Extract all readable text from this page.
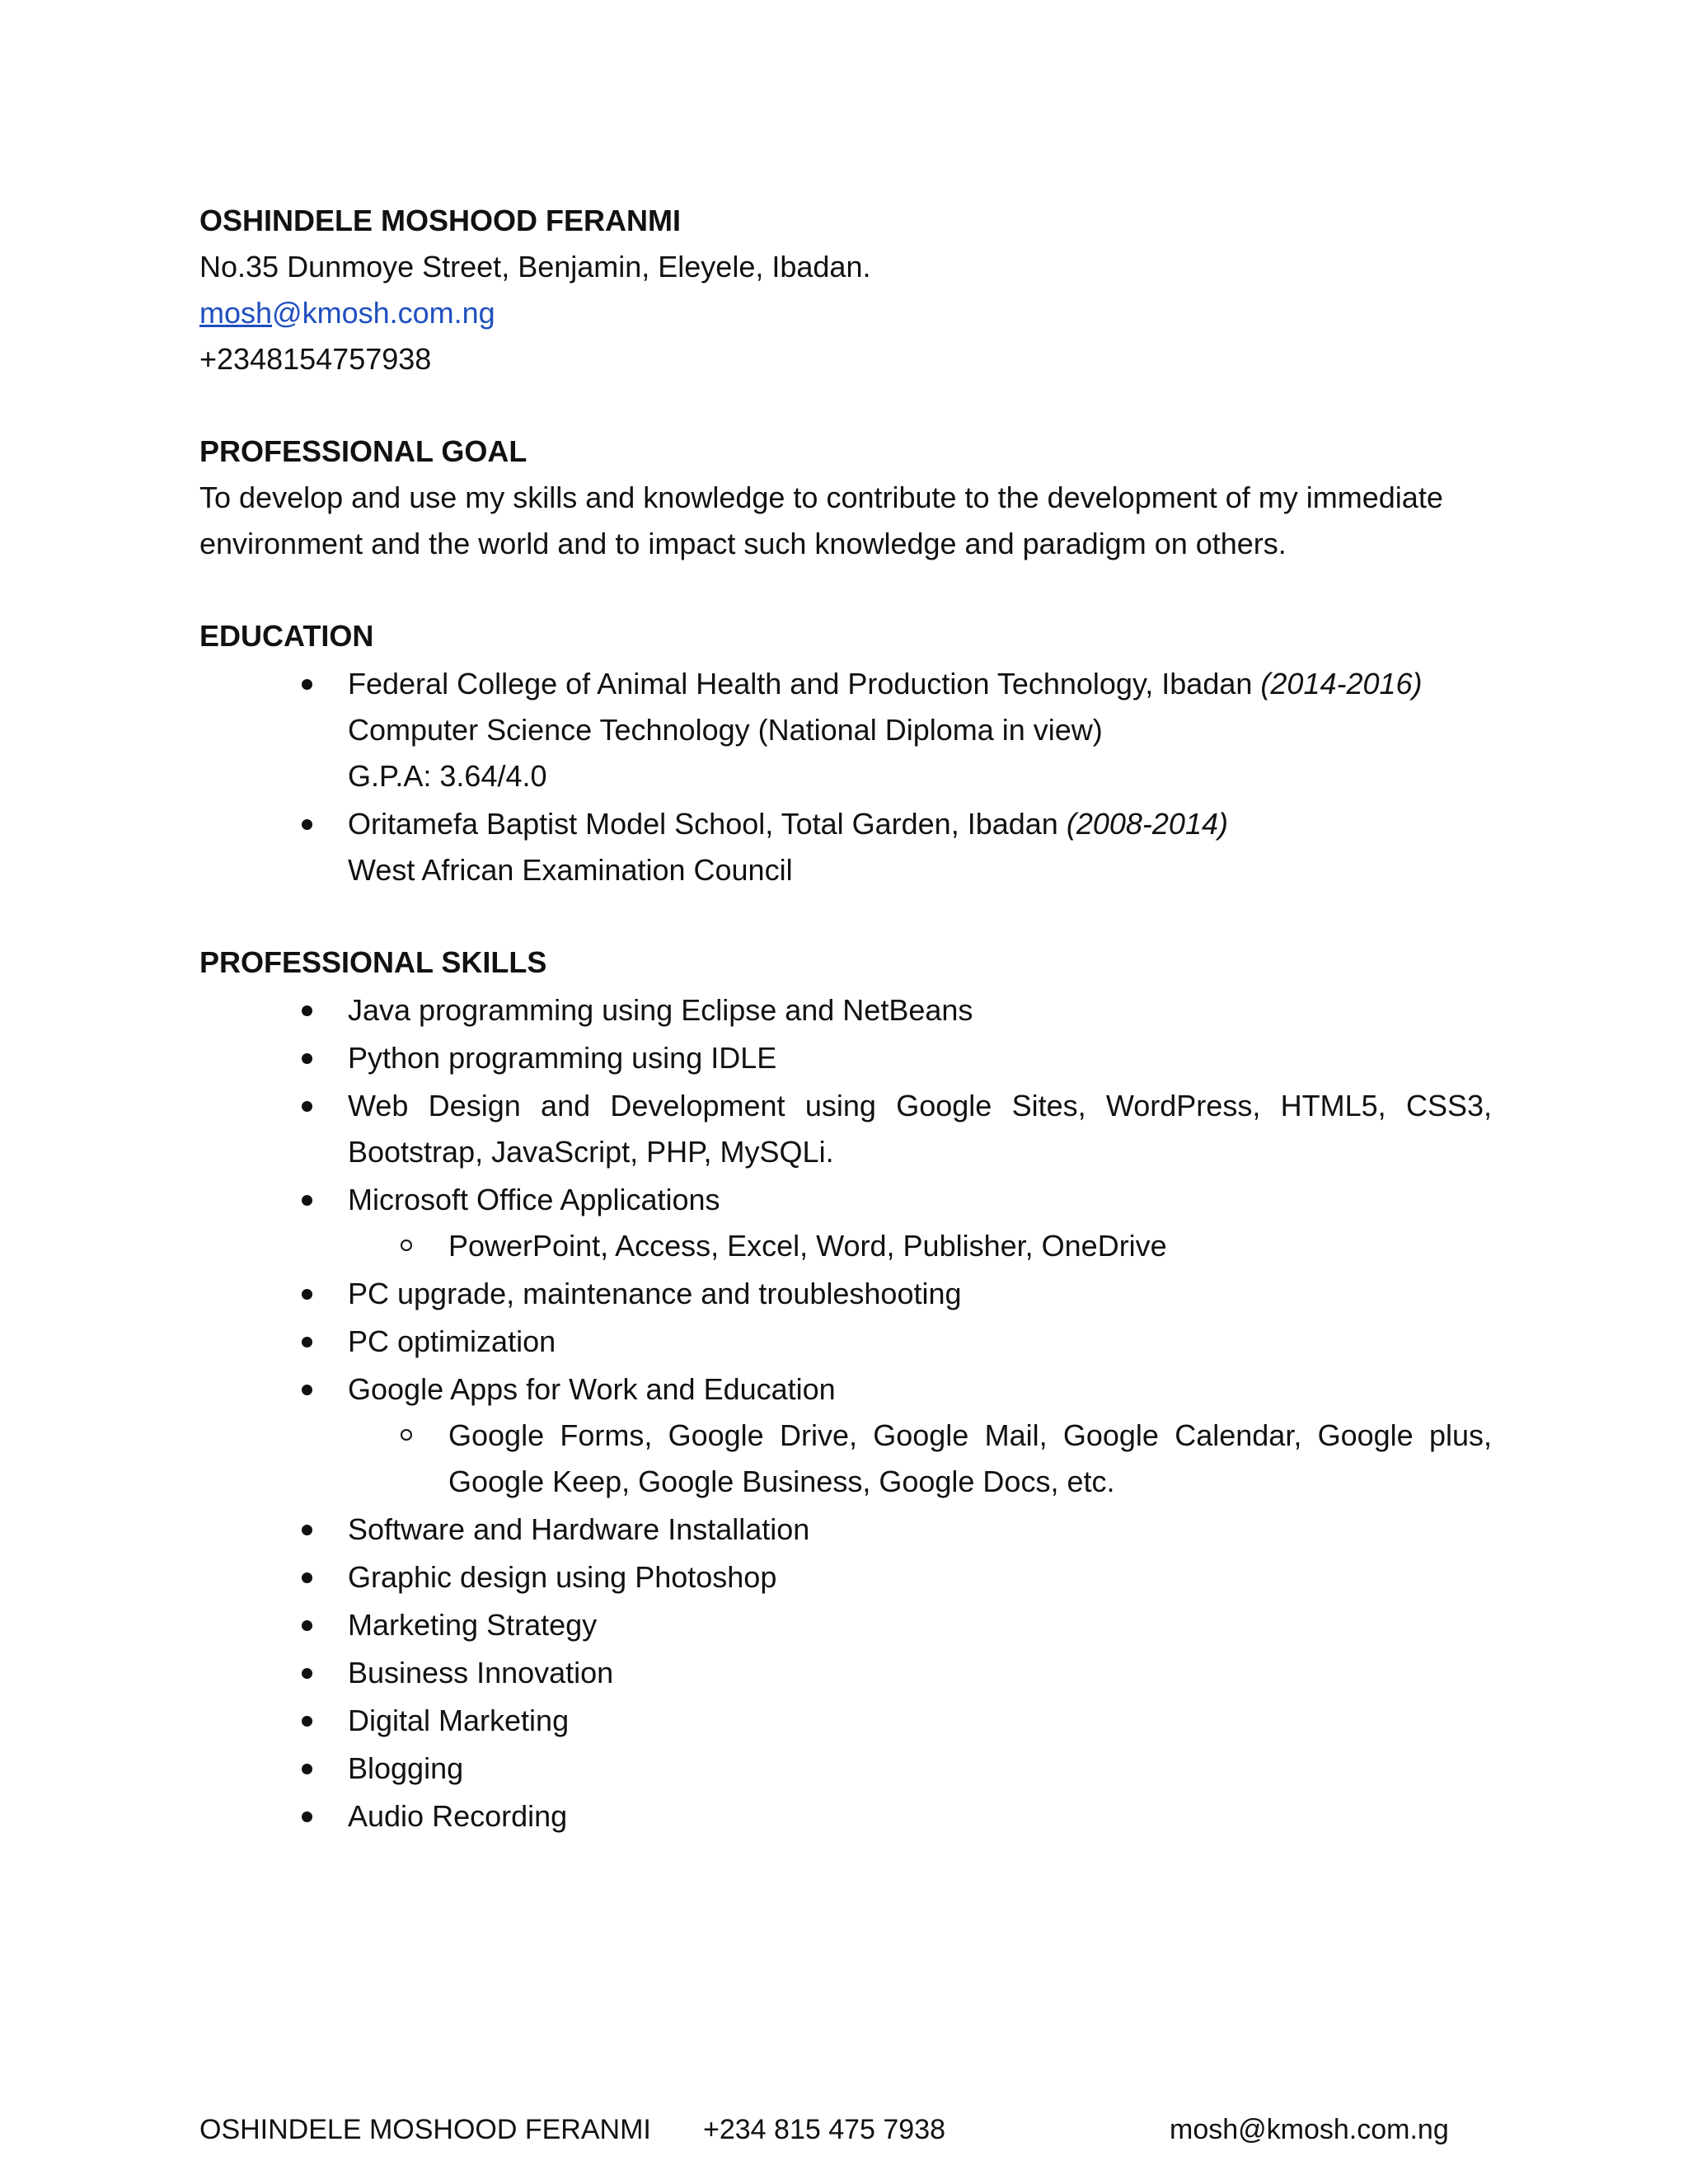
OSHINDELE MOSHOOD FERANMI
No.35 Dunmoye Street, Benjamin, Eleyele, Ibadan.
mosh@kmosh.com.ng
+2348154757938
PROFESSIONAL GOAL
To develop and use my skills and knowledge to contribute to the development of my immediate environment and the world and to impact such knowledge and paradigm on others.
EDUCATION
Federal College of Animal Health and Production Technology, Ibadan (2014-2016)
Computer Science Technology (National Diploma in view)
G.P.A: 3.64/4.0
Oritamefa Baptist Model School, Total Garden, Ibadan (2008-2014)
West African Examination Council
PROFESSIONAL SKILLS
Java programming using Eclipse and NetBeans
Python programming using IDLE
Web Design and Development using Google Sites, WordPress, HTML5, CSS3, Bootstrap, JavaScript, PHP, MySQLi.
Microsoft Office Applications
PowerPoint, Access, Excel, Word, Publisher, OneDrive
PC upgrade, maintenance and troubleshooting
PC optimization
Google Apps for Work and Education
Google Forms, Google Drive, Google Mail, Google Calendar, Google plus, Google Keep, Google Business, Google Docs, etc.
Software and Hardware Installation
Graphic design using Photoshop
Marketing Strategy
Business Innovation
Digital Marketing
Blogging
Audio Recording
OSHINDELE MOSHOOD FERANMI +234 815 475 7938	mosh@kmosh.com.ng
